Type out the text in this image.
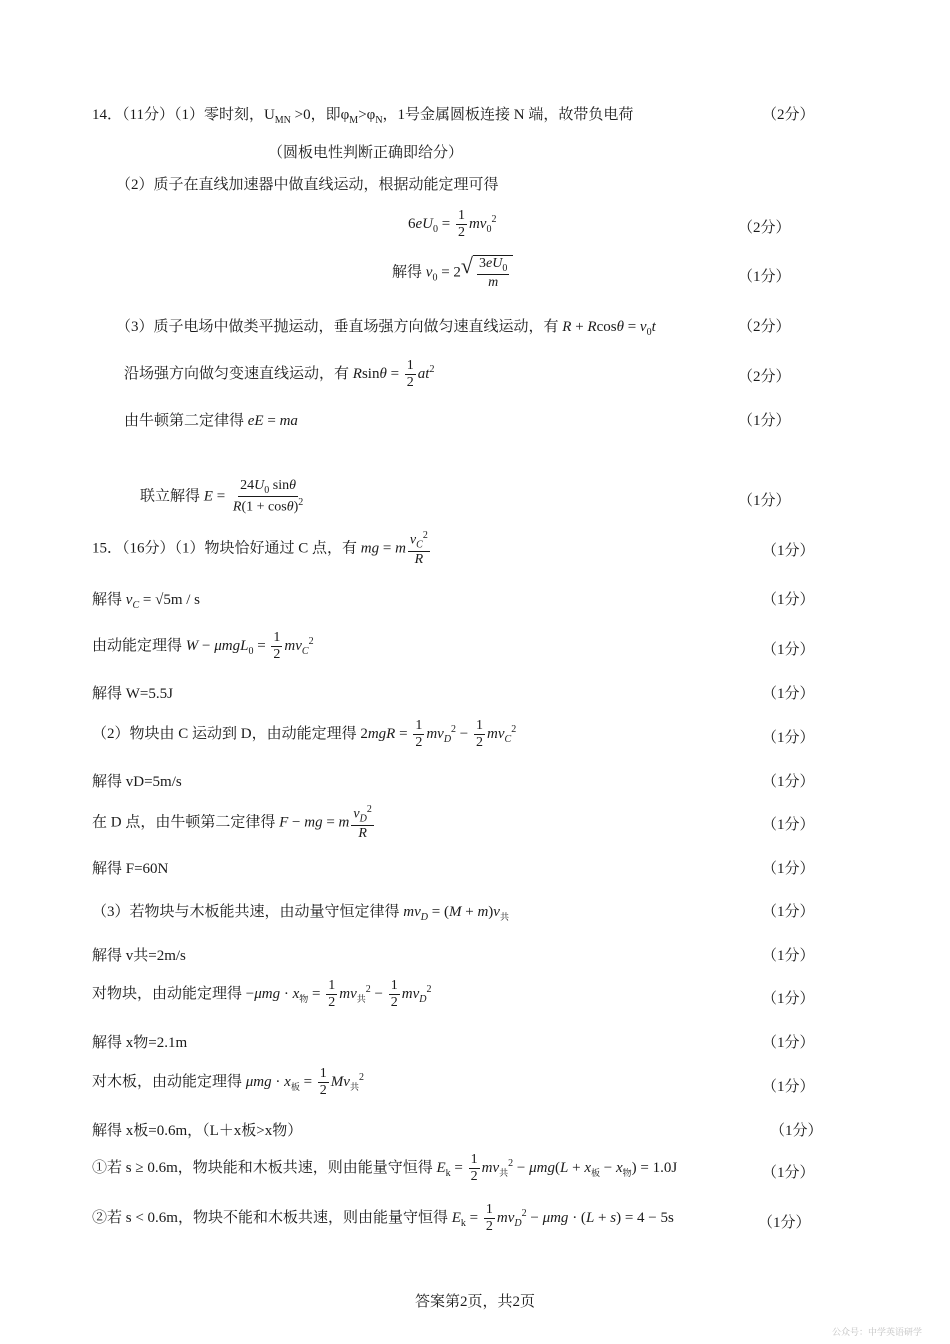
14．（11分）（1）零时刻，$U_{MN} >0$，即$\varphi_M>\varphi_N$，1号金属圆板连接 N 端，故带负电荷	（2分）
（圆板电性判断正确即给分）
（2）质子在直线加速器中做直线运动，根据动能定理可得
$6eU_0 = \frac{1}{2} mv_0^2$
（2分）
解得 $v_0 = 2$ √ $\frac{3eU_0}{m}$	（1分）
（3）质子电场中做类平抛运动，垂直场强方向做匀速直线运动，有 $R + Rcos\theta = v_0t$	（2分）
沿场强方向做匀变速直线运动，有 $Rsin\theta = \frac{1}{2} at^2$	（2分）
由牛顿第二定律得 eE = ma	（1分）
联立解得 $E = \frac{24U_0 \sin\theta}{R(1 + \cos\theta)^2}$	（1分）
15．（16分）（1）物块恰好通过 C 点，有 mg = m $\frac{v_C^2}{R}$	（1分）
解得 $v_C = √5m / s$	（1分）
由动能定理得 $W - \mu mgL_0 = \frac{1}{2} mv_C^2$
（1分）
解得 W=5.5J	（1分）
（2）物块由 C 运动到 D，由动能定理得 $2mgR = \frac{1}{2} mv_D^2 - \frac{1}{2} mv_C^2$
（1分）
解得 vD=5m/s	（1分）
在 D 点，由牛顿第二定律得 F − mg = m $\frac{v_D^2}{R}$	（1分）
解得 F=60N	（1分）
（3）若物块与木板能共速，由动量守恒定律得 $mv_D = (M + m)v_共$	（1分）
解得 v共=2m/s	（1分）
对物块，由动能定理得 $-\mu mg \cdot x_物 = \frac{1}{2} mv_共^2 - \frac{1}{2} mv_D^2$
（1分）
解得 x物=2.1m	（1分）
对木板，由动能定理得 $\mu mg \cdot x_板 = \frac{1}{2} Mv_共^2$
（1分）
解得 x板=0.6m，（L＋x板>x物）	（1分）
①若 s ≥ 0.6m，物块能和木板共速，则由能量守恒得 $E_k = \frac{1}{2} mv_共^2 - \mu mg(L + x_板 - x_物) = 1.0J$	（1分）
②若 s < 0.6m，物块不能和木板共速，则由能量守恒得 $E_k = \frac{1}{2} mv_D^2 - \mu mg \cdot (L + s) = 4 - 5s$	（1分）
答案第2页，共2页
公众号：中学英语研学
